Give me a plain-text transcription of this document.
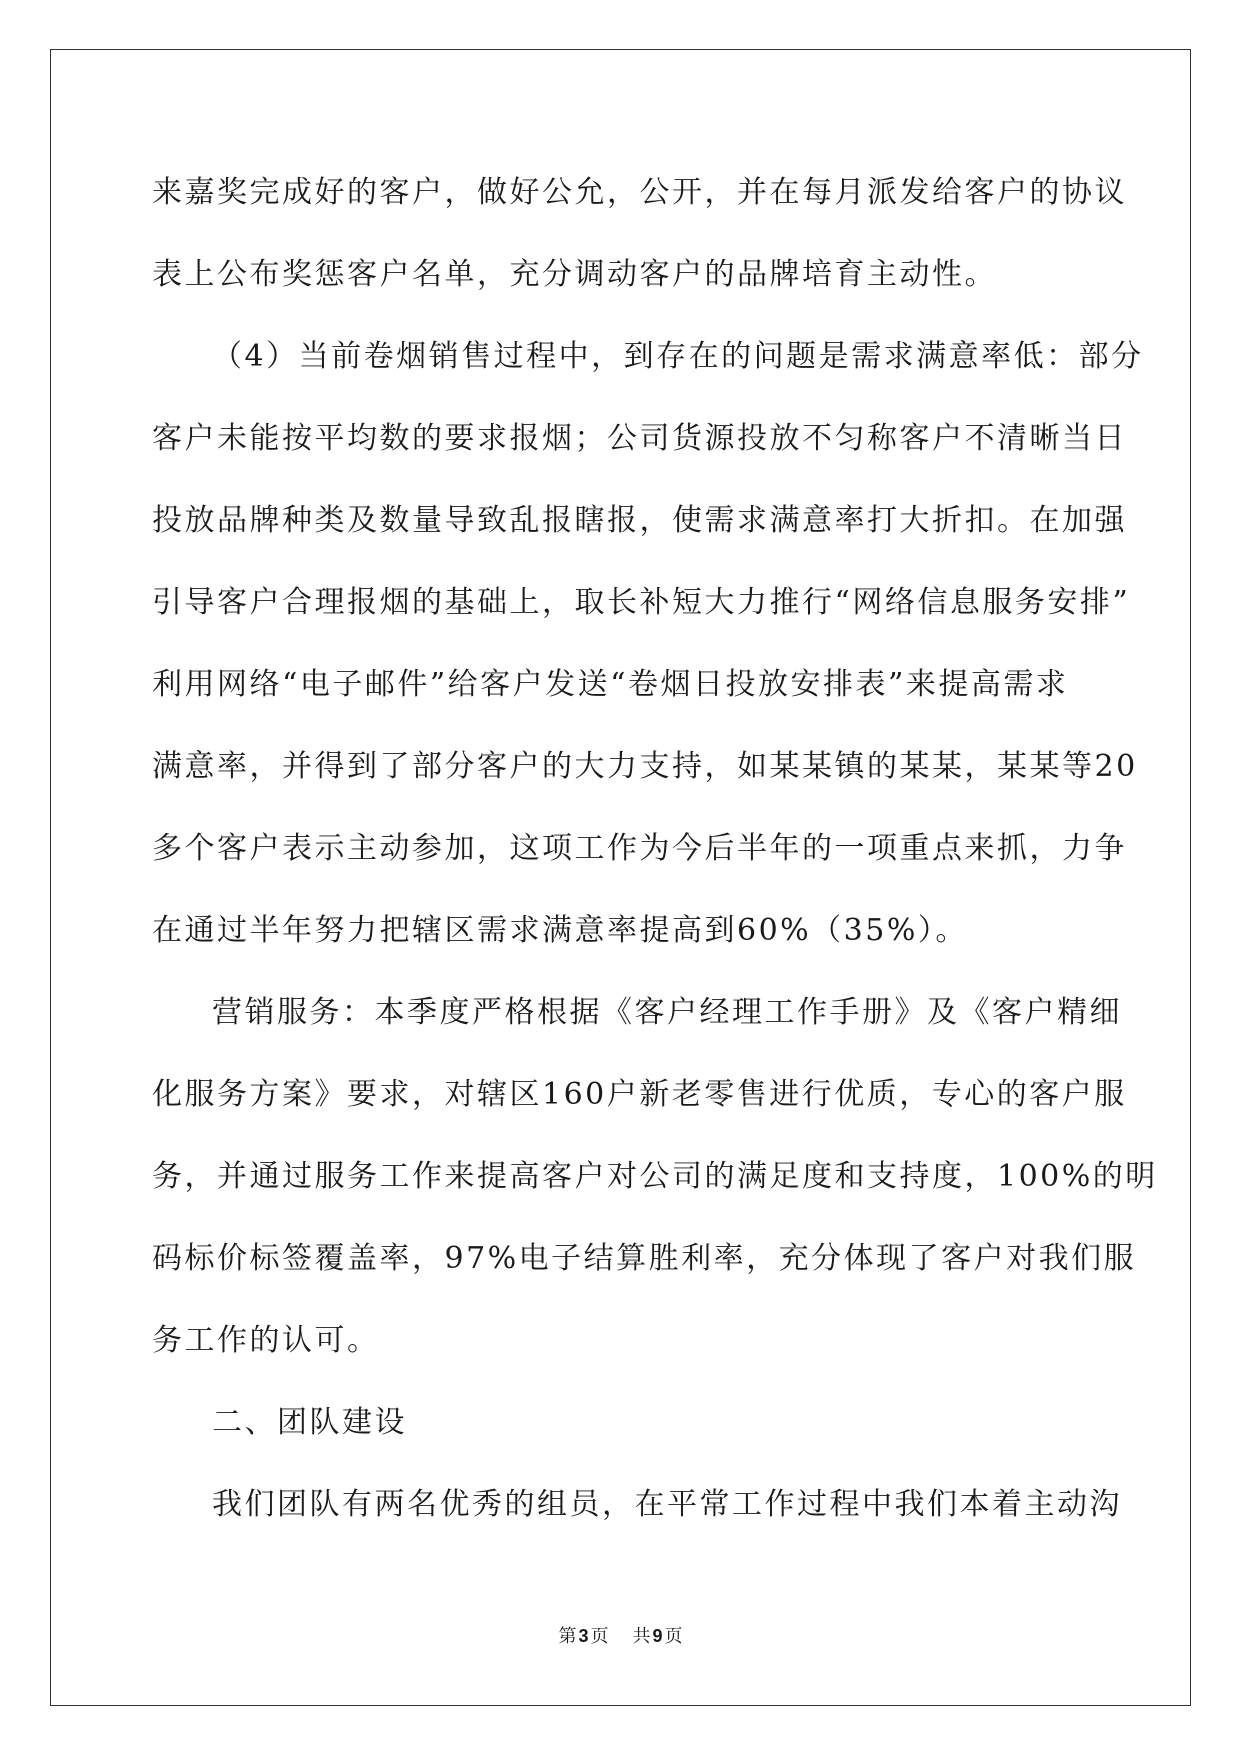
来嘉奖完成好的客户，做好公允，公开，并在每月派发给客户的协议
表上公布奖惩客户名单，充分调动客户的品牌培育主动性。
（4）当前卷烟销售过程中，到存在的问题是需求满意率低：部分
客户未能按平均数的要求报烟；公司货源投放不匀称客户不清晰当日
投放品牌种类及数量导致乱报瞎报，使需求满意率打大折扣。在加强
引导客户合理报烟的基础上，取长补短大力推行“网络信息服务安排”
利用网络“电子邮件”给客户发送“卷烟日投放安排表”来提高需求
满意率，并得到了部分客户的大力支持，如某某镇的某某，某某等20
多个客户表示主动参加，这项工作为今后半年的一项重点来抓，力争
在通过半年努力把辖区需求满意率提高到60%（35%）。
营销服务：本季度严格根据《客户经理工作手册》及《客户精细
化服务方案》要求，对辖区160户新老零售进行优质，专心的客户服
务，并通过服务工作来提高客户对公司的满足度和支持度，100%的明
码标价标签覆盖率，97%电子结算胜利率，充分体现了客户对我们服
务工作的认可。
二、团队建设
我们团队有两名优秀的组员，在平常工作过程中我们本着主动沟
第 3 页 共 9 页
